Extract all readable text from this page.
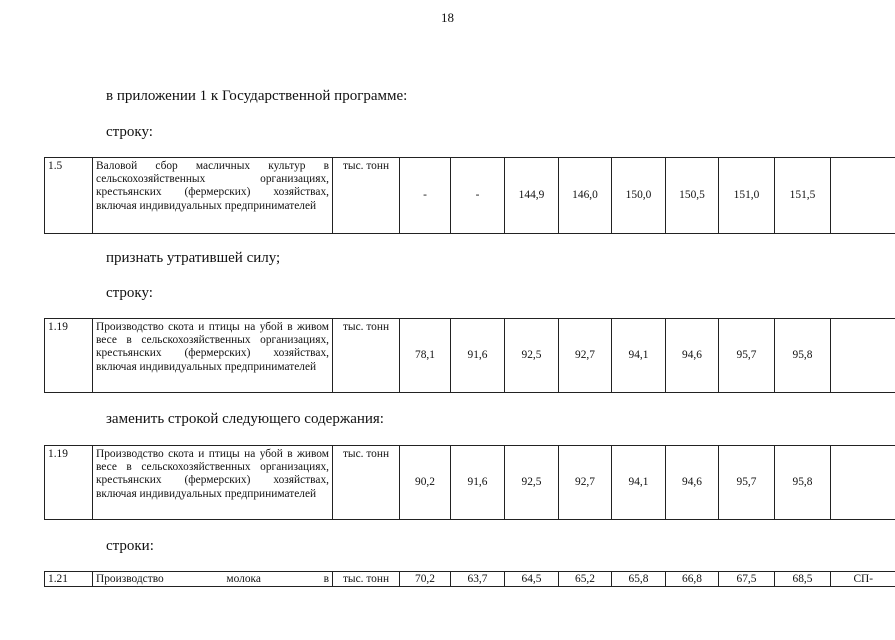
18
в приложении 1 к Государственной программе:
строку:
1.5	Валовой сбор масличных культур в сельскохозяйственных организациях, крестьянских (фермерских) хозяйствах, включая индивидуальных предпринимателей	тыс. тонн	-	-	144,9	146,0	150,0	150,5	151,0	151,5	
признать утратившей силу;
строку:
1.19	Производство скота и птицы на убой в живом весе в сельскохозяйственных организациях, крестьянских (фермерских) хозяйствах, включая индивидуальных предпринимателей	тыс. тонн	78,1	91,6	92,5	92,7	94,1	94,6	95,7	95,8	
заменить строкой следующего содержания:
1.19	Производство скота и птицы на убой в живом весе в сельскохозяйственных организациях, крестьянских (фермерских) хозяйствах, включая индивидуальных предпринимателей	тыс. тонн	90,2	91,6	92,5	92,7	94,1	94,6	95,7	95,8	
строки:
1.21	Производство молока в	тыс. тонн	70,2	63,7	64,5	65,2	65,8	66,8	67,5	68,5	СП-
